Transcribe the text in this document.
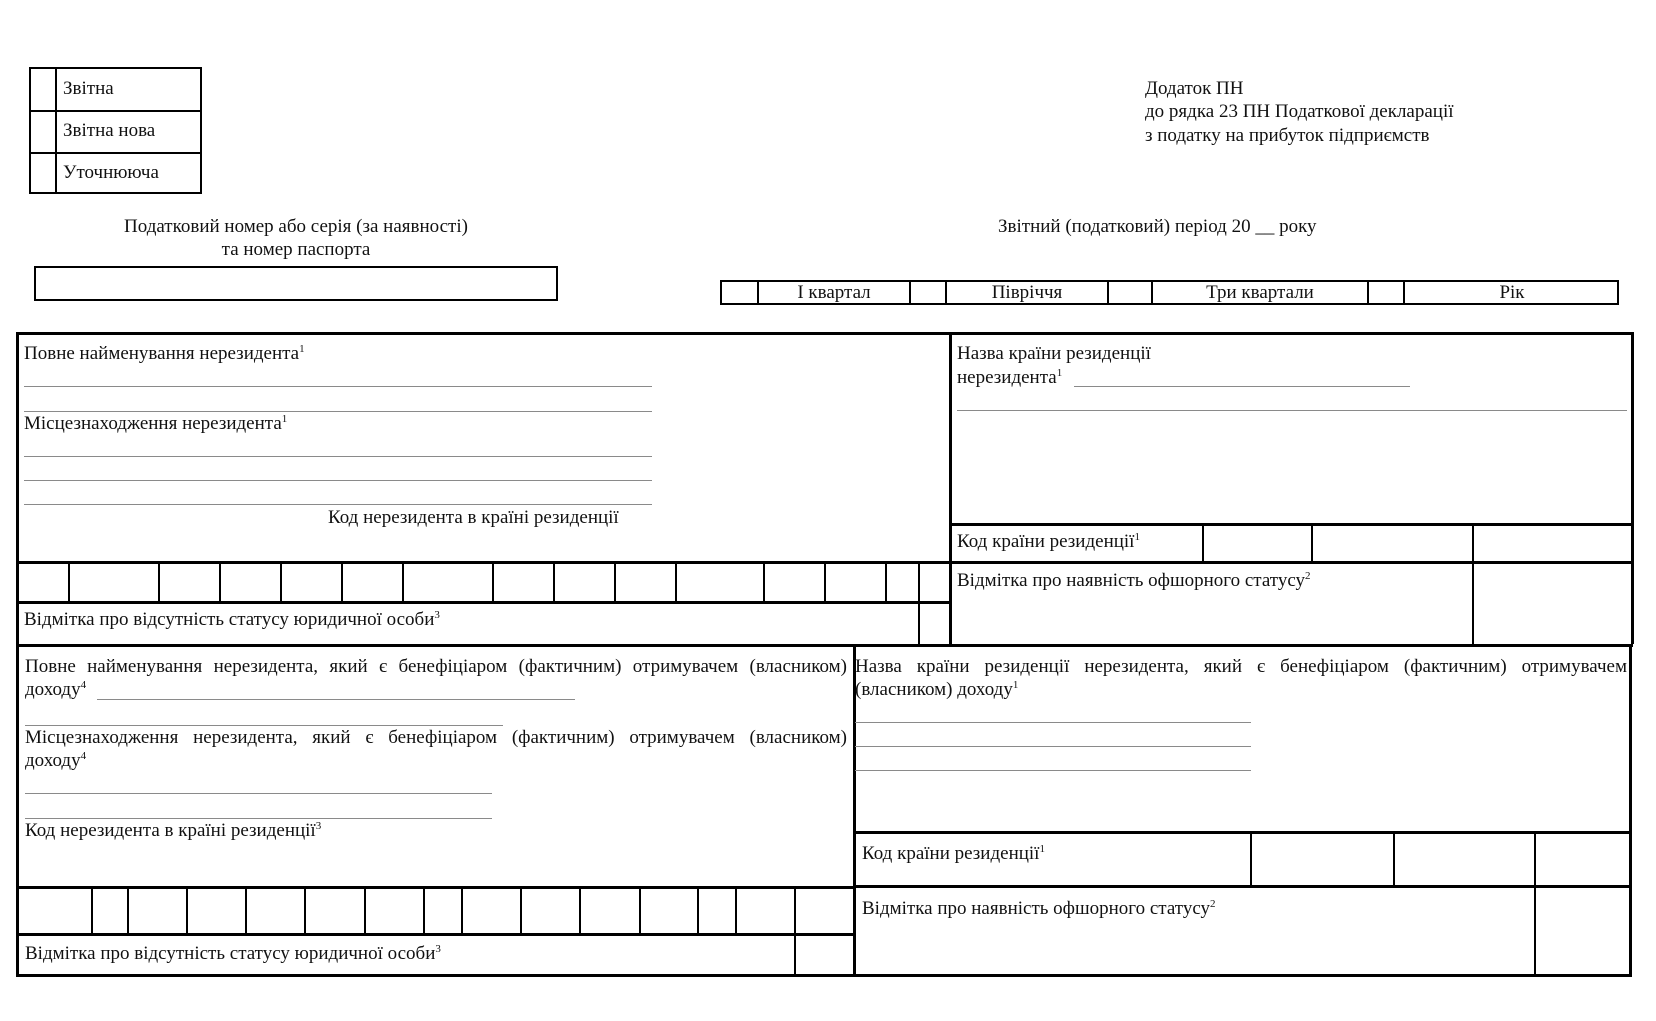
Звітна
Звітна нова
Уточнююча
Додаток ПН
до рядка 23 ПН Податкової декларації
з податку на прибуток підприємств
Податковий номер або серія (за наявності)
та номер паспорта
Звітний (податковий) період 20 __ року
І квартал	Півріччя	Три квартали	Рік
Повне найменування нерезидента$^1$
Місцезнаходження нерезидента$^1$
Код нерезидента в країні резиденції
Відмітка про відсутність статусу юридичної особи$^3$
Назва країни резиденції
нерезидента$^1$
Код країни резиденції$^1$
Відмітка про наявність офшорного статусу$^2$
Повне найменування нерезидента, який є бенефіціаром (фактичним) отримувачем (власником)
доходу$^4$
Місцезнаходження нерезидента, який є бенефіціаром (фактичним) отримувачем (власником)
доходу$^4$
Код нерезидента в країні резиденції$^3$
Відмітка про відсутність статусу юридичної особи$^3$
Назва країни резиденції нерезидента, який є бенефіціаром (фактичним) отримувачем
(власником) доходу$^1$
Код країни резиденції$^1$
Відмітка про наявність офшорного статусу$^2$
